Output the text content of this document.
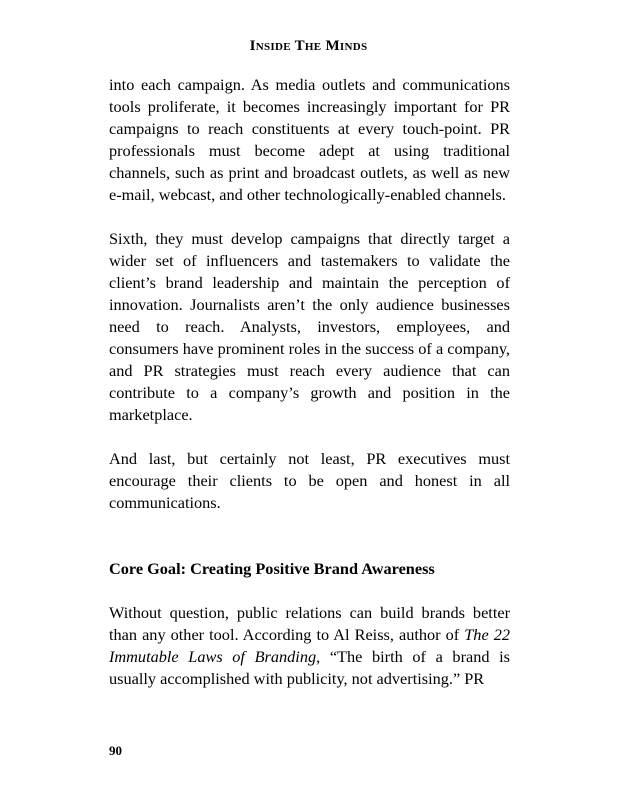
Inside The Minds

into each campaign. As media outlets and communications tools proliferate, it becomes increasingly important for PR campaigns to reach constituents at every touch-point. PR professionals must become adept at using traditional channels, such as print and broadcast outlets, as well as new e-mail, webcast, and other technologically-enabled channels.

Sixth, they must develop campaigns that directly target a wider set of influencers and tastemakers to validate the client’s brand leadership and maintain the perception of innovation. Journalists aren’t the only audience businesses need to reach. Analysts, investors, employees, and consumers have prominent roles in the success of a company, and PR strategies must reach every audience that can contribute to a company’s growth and position in the marketplace.

And last, but certainly not least, PR executives must encourage their clients to be open and honest in all communications.

Core Goal: Creating Positive Brand Awareness

Without question, public relations can build brands better than any other tool. According to Al Reiss, author of The 22 Immutable Laws of Branding, “The birth of a brand is usually accomplished with publicity, not advertising.” PR

90
